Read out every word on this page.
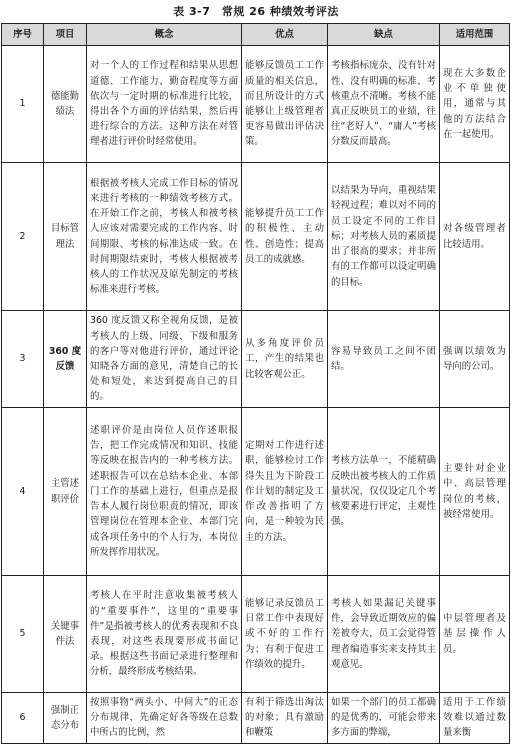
表 3-7　常规 26 种绩效考评法
序号	项目	概念	优点	缺点	适用范围
1	德能勤绩法	对一个人的工作过程和结果从思想道德、工作能力、勤奋程度等方面依次与一定时期的标准进行比较，得出各个方面的评估结果，然后再进行综合的方法。这种方法在对管理者进行评价时经常使用。	能够反馈员工工作质量的相关信息，而且所设计的方式能够让上级管理者更容易做出评估决策。	考核指标庞杂、没有针对性、没有明确的标准、考核重点不清晰。考核不能真正反映员工的业绩，往往“老好人”、“庸人”考核分数反而最高。	现在大多数企业不单独使用，通常与其他的方法结合在一起使用。
2	目标管理法	根据被考核人完成工作目标的情况来进行考核的一种绩效考核方式。在开始工作之前，考核人和被考核人应该对需要完成的工作内容、时间期限、考核的标准达成一致。在时间期限结束时，考核人根据被考核人的工作状况及原先制定的考核标准来进行考核。	能够提升员工工作的积极性、主动性、创造性；提高员工的成就感。	以结果为导向，重视结果轻视过程；难以对不同的员工设定不同的工作目标；对考核人员的素质提出了很高的要求；并非所有的工作都可以设定明确的目标。	对各级管理者比较适用。
3	360 度反馈	360 度反馈又称全视角反馈，是被考核人的上级、同级、下级和服务的客户等对他进行评价，通过评论知晓各方面的意见，清楚自己的长处和短处，来达到提高自己的目的。	从多角度评价员工，产生的结果也比较客观公正。	容易导致员工之间不团结。	强调以绩效为导向的公司。
4	主管述职评价	述职评价是由岗位人员作述职报告，把工作完成情况和知识、技能等反映在报告内的一种考核方法。述职报告可以在总结本企业、本部门工作的基础上进行，但重点是报告本人履行岗位职责的情况，即该管理岗位在管理本企业、本部门完成各项任务中的个人行为，本岗位所发挥作用状况。	定期对工作进行述职，能够检讨工作得失且为下阶段工作计划的制定及工作改善指明了方向，是一种较为民主的方法。	考核方法单一，不能精确反映出被考核人的工作质量状况，仅仅设定几个考核要素进行评定，主观性强。	主要针对企业中、高层管理岗位的考核，被经常使用。
5	关键事件法	考核人在平时注意收集被考核人的“重要事件”，这里的“重要事件”是指被考核人的优秀表现和不良表现，对这些表现要形成书面记录。根据这些书面记录进行整理和分析，最终形成考核结果。	能够记录反馈员工日常工作中表现好或不好的工作行为；有利于促进工作绩效的提升。	考核人如果漏记关键事件，会导致近期效应的偏差被夸大，员工会觉得管理者编造事实来支持其主观意见。	中层管理者及基层操作人员。
6	强制正态分布	按照事物“两头小、中间大”的正态分布规律，先确定好各等级在总数中所占的比例，然	有利于筛选出淘汰的对象；具有激励和鞭策	如果一个部门的员工都确的是优秀的，可能会带来多方面的弊端，	适用于工作绩效难以通过数量来衡
